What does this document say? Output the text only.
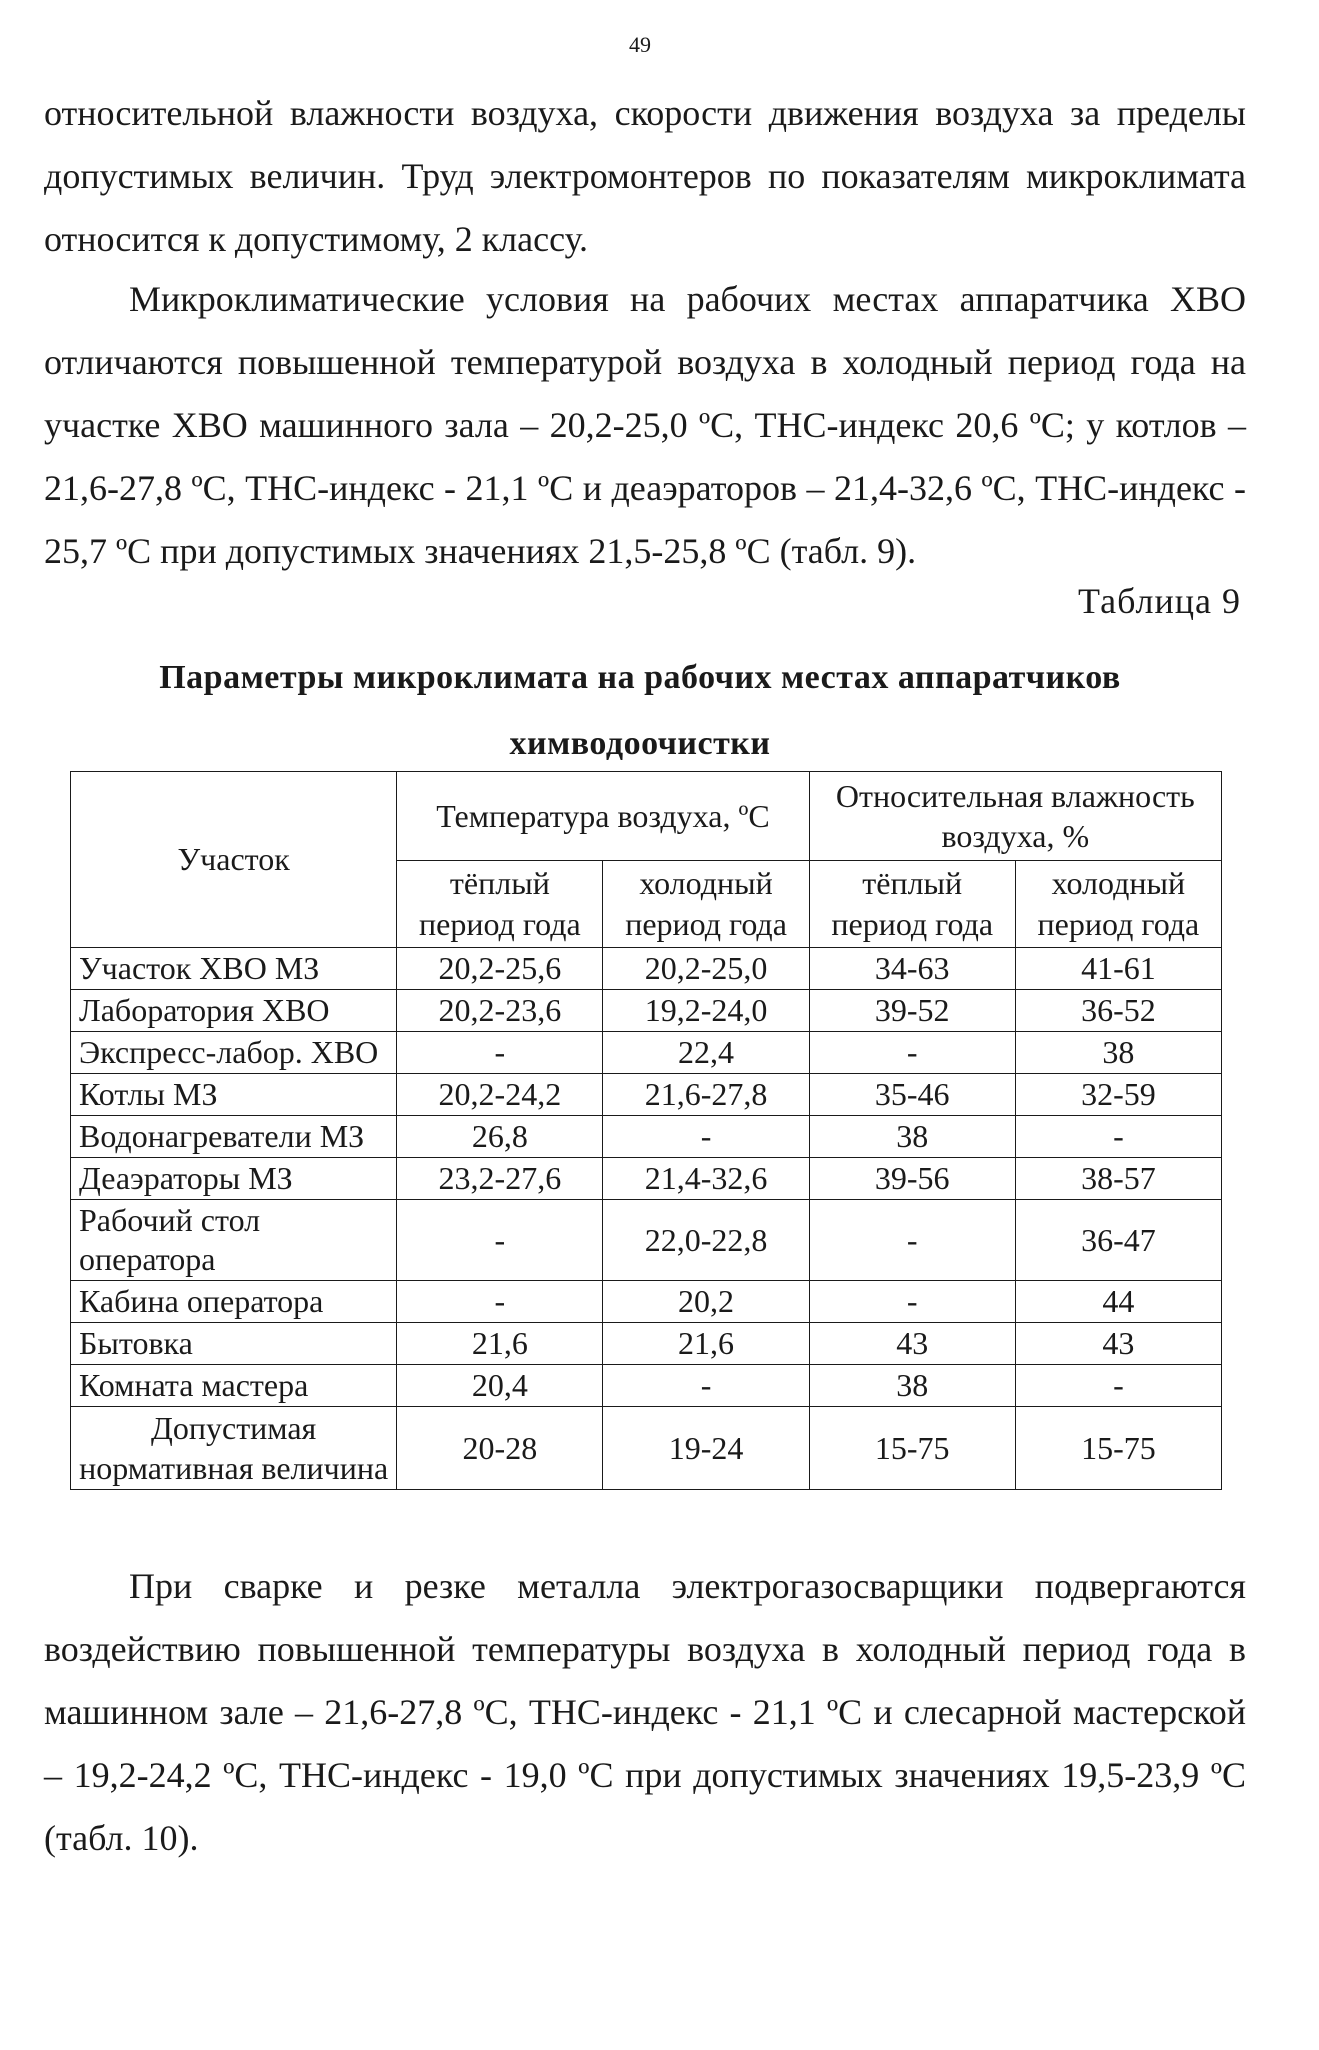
49

относительной влажности воздуха, скорости движения воздуха за пределы допустимых величин. Труд электромонтеров по показателям микроклимата относится к допустимому, 2 классу.

Микроклиматические условия на рабочих местах аппаратчика ХВО отличаются повышенной температурой воздуха в холодный период года на участке ХВО машинного зала – 20,2-25,0 ºС, ТНС-индекс 20,6 ºС; у котлов – 21,6-27,8 ºС, ТНС-индекс - 21,1 ºС и деаэраторов – 21,4-32,6 ºС, ТНС-индекс - 25,7 ºС при допустимых значениях 21,5-25,8 ºС (табл. 9).

Таблица 9
Параметры микроклимата на рабочих местах аппаратчиков химводоочистки
Участок	Температура воздуха, ºС		Относительная влажность воздуха, %	
	тёплый период года	холодный период года	тёплый период года	холодный период года
Участок ХВО МЗ	20,2-25,6	20,2-25,0	34-63	41-61
Лаборатория ХВО	20,2-23,6	19,2-24,0	39-52	36-52
Экспресс-лабор. ХВО	-	22,4	-	38
Котлы МЗ	20,2-24,2	21,6-27,8	35-46	32-59
Водонагреватели МЗ	26,8	-	38	-
Деаэраторы МЗ	23,2-27,6	21,4-32,6	39-56	38-57
Рабочий стол оператора	-	22,0-22,8	-	36-47
Кабина оператора	-	20,2	-	44
Бытовка	21,6	21,6	43	43
Комната мастера	20,4	-	38	-
Допустимая нормативная величина	20-28	19-24	15-75	15-75

При сварке и резке металла электрогазосварщики подвергаются воздействию повышенной температуры воздуха в холодный период года в машинном зале – 21,6-27,8 ºС, ТНС-индекс - 21,1 ºС и слесарной мастерской – 19,2-24,2 ºС, ТНС-индекс - 19,0 ºС при допустимых значениях 19,5-23,9 ºС (табл. 10).
